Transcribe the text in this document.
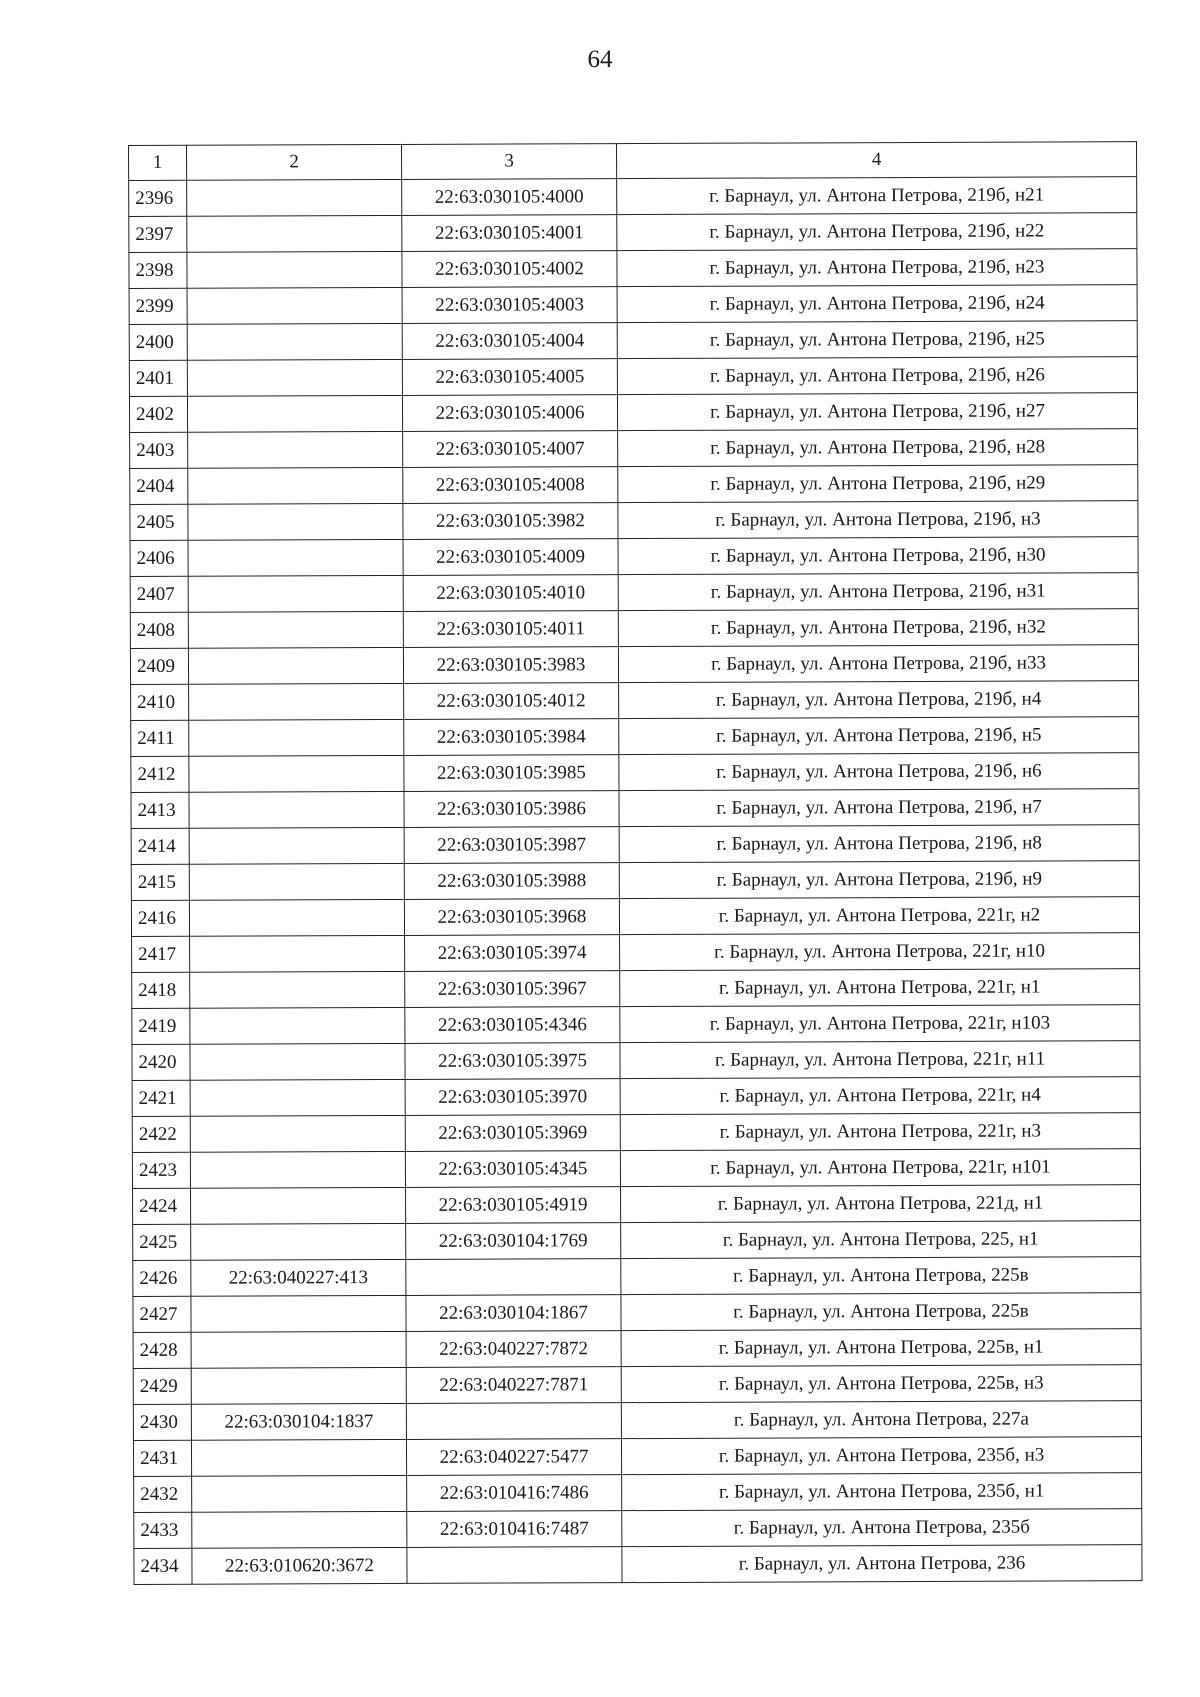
64
1	2	3	4
2396		22:63:030105:4000	г. Барнаул, ул. Антона Петрова, 219б, н21
2397		22:63:030105:4001	г. Барнаул, ул. Антона Петрова, 219б, н22
2398		22:63:030105:4002	г. Барнаул, ул. Антона Петрова, 219б, н23
2399		22:63:030105:4003	г. Барнаул, ул. Антона Петрова, 219б, н24
2400		22:63:030105:4004	г. Барнаул, ул. Антона Петрова, 219б, н25
2401		22:63:030105:4005	г. Барнаул, ул. Антона Петрова, 219б, н26
2402		22:63:030105:4006	г. Барнаул, ул. Антона Петрова, 219б, н27
2403		22:63:030105:4007	г. Барнаул, ул. Антона Петрова, 219б, н28
2404		22:63:030105:4008	г. Барнаул, ул. Антона Петрова, 219б, н29
2405		22:63:030105:3982	г. Барнаул, ул. Антона Петрова, 219б, н3
2406		22:63:030105:4009	г. Барнаул, ул. Антона Петрова, 219б, н30
2407		22:63:030105:4010	г. Барнаул, ул. Антона Петрова, 219б, н31
2408		22:63:030105:4011	г. Барнаул, ул. Антона Петрова, 219б, н32
2409		22:63:030105:3983	г. Барнаул, ул. Антона Петрова, 219б, н33
2410		22:63:030105:4012	г. Барнаул, ул. Антона Петрова, 219б, н4
2411		22:63:030105:3984	г. Барнаул, ул. Антона Петрова, 219б, н5
2412		22:63:030105:3985	г. Барнаул, ул. Антона Петрова, 219б, н6
2413		22:63:030105:3986	г. Барнаул, ул. Антона Петрова, 219б, н7
2414		22:63:030105:3987	г. Барнаул, ул. Антона Петрова, 219б, н8
2415		22:63:030105:3988	г. Барнаул, ул. Антона Петрова, 219б, н9
2416		22:63:030105:3968	г. Барнаул, ул. Антона Петрова, 221г, н2
2417		22:63:030105:3974	г. Барнаул, ул. Антона Петрова, 221г, н10
2418		22:63:030105:3967	г. Барнаул, ул. Антона Петрова, 221г, н1
2419		22:63:030105:4346	г. Барнаул, ул. Антона Петрова, 221г, н103
2420		22:63:030105:3975	г. Барнаул, ул. Антона Петрова, 221г, н11
2421		22:63:030105:3970	г. Барнаул, ул. Антона Петрова, 221г, н4
2422		22:63:030105:3969	г. Барнаул, ул. Антона Петрова, 221г, н3
2423		22:63:030105:4345	г. Барнаул, ул. Антона Петрова, 221г, н101
2424		22:63:030105:4919	г. Барнаул, ул. Антона Петрова, 221д, н1
2425		22:63:030104:1769	г. Барнаул, ул. Антона Петрова, 225, н1
2426	22:63:040227:413		г. Барнаул, ул. Антона Петрова, 225в
2427		22:63:030104:1867	г. Барнаул, ул. Антона Петрова, 225в
2428		22:63:040227:7872	г. Барнаул, ул. Антона Петрова, 225в, н1
2429		22:63:040227:7871	г. Барнаул, ул. Антона Петрова, 225в, н3
2430	22:63:030104:1837		г. Барнаул, ул. Антона Петрова, 227а
2431		22:63:040227:5477	г. Барнаул, ул. Антона Петрова, 235б, н3
2432		22:63:010416:7486	г. Барнаул, ул. Антона Петрова, 235б, н1
2433		22:63:010416:7487	г. Барнаул, ул. Антона Петрова, 235б
2434	22:63:010620:3672		г. Барнаул, ул. Антона Петрова, 236
